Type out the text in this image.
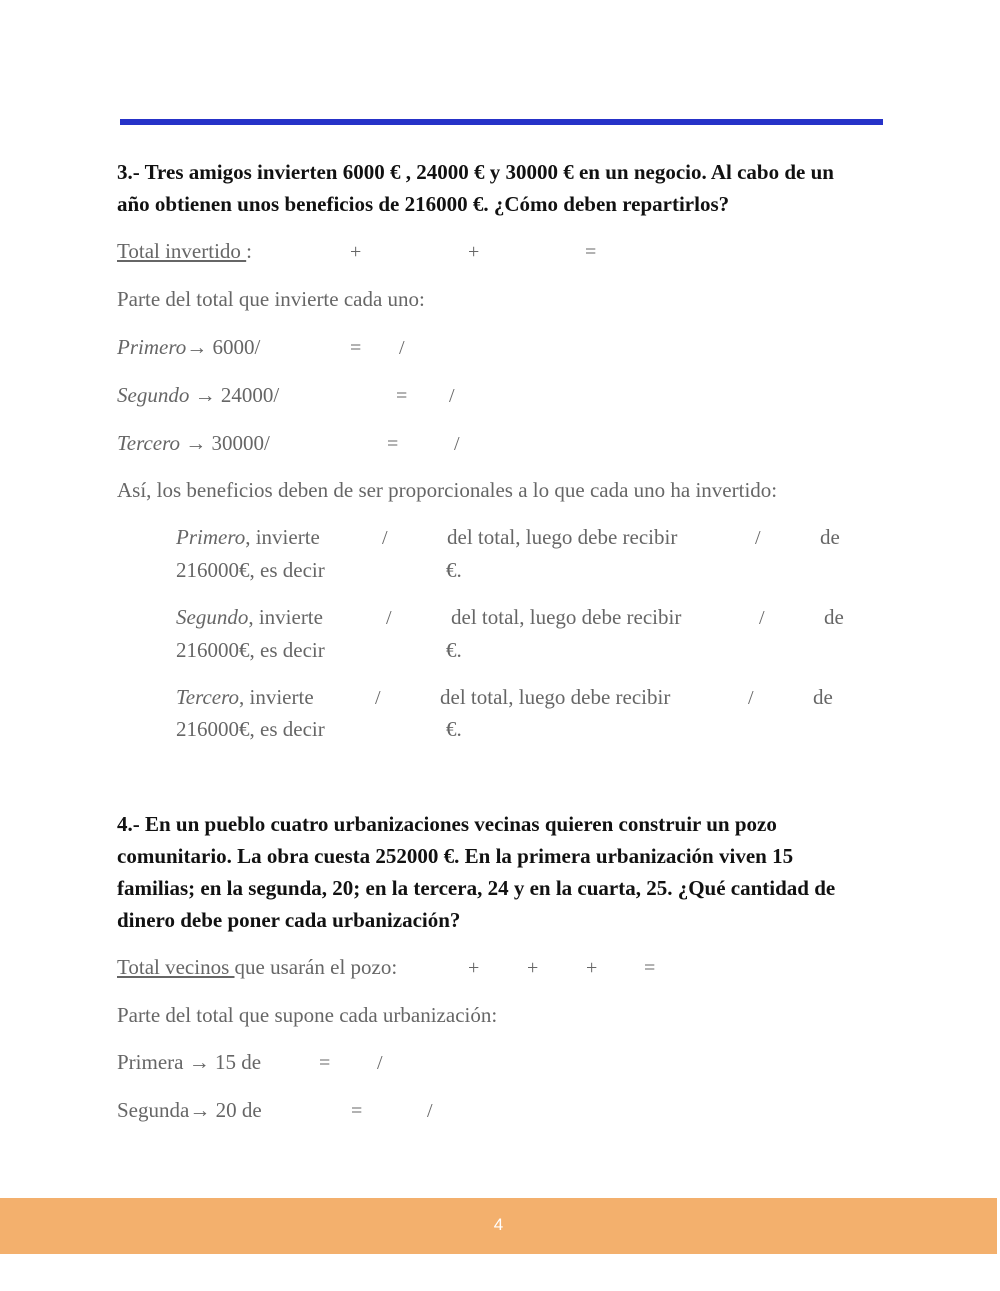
3.- Tres amigos invierten 6000 € , 24000 € y 30000 € en un negocio. Al cabo de un
año obtienen unos beneficios de 216000 €. ¿Cómo deben repartirlos?

Total invertido :	+	+	=
Parte del total que invierte cada uno:
Primero→ 6000/	= /
Segundo → 24000/	= /
Tercero → 30000/	=	/
Así, los beneficios deben de ser proporcionales a lo que cada uno ha invertido:
Primero, invierte	/	del total, luego debe recibir	/	de
216000€, es decir	€.
Segundo, invierte	/	del total, luego debe recibir	/	de
216000€, es decir	€.
Tercero, invierte	/	del total, luego debe recibir	/	de
216000€, es decir	€.

4.- En un pueblo cuatro urbanizaciones vecinas quieren construir un pozo
comunitario. La obra cuesta 252000 €. En la primera urbanización viven 15
familias; en la segunda, 20; en la tercera, 24 y en la cuarta, 25. ¿Qué cantidad de
dinero debe poner cada urbanización?

Total vecinos que usarán el pozo:	+ + + =
Parte del total que supone cada urbanización:
Primera → 15 de	= /
Segunda→ 20 de	=	/
4
